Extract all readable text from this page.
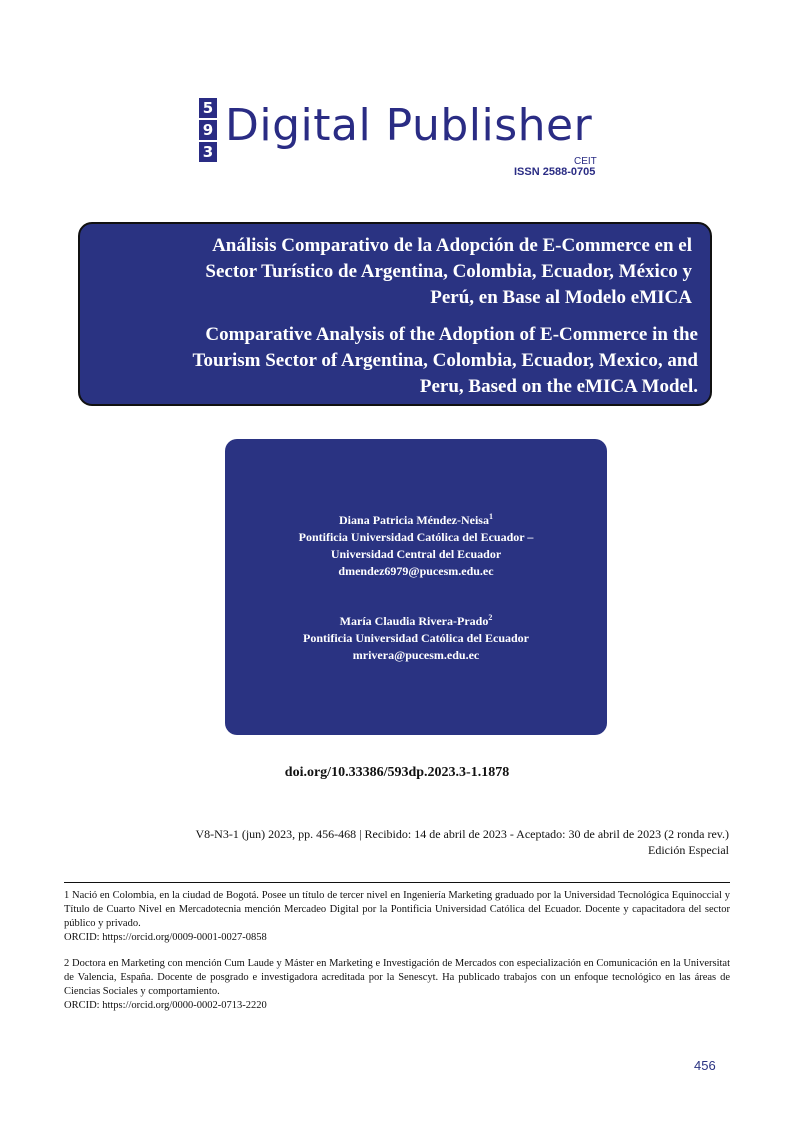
5
9
3
Digital Publisher
CEIT
ISSN 2588-0705
Análisis Comparativo de la Adopción de E-Commerce en el
Sector Turístico de Argentina, Colombia, Ecuador, México y
Perú, en Base al Modelo eMICA
Comparative Analysis of the Adoption of E-Commerce in the
Tourism Sector of Argentina, Colombia, Ecuador, Mexico, and
Peru, Based on the eMICA Model.
Diana Patricia Méndez-Neisa$^1$
Pontificia Universidad Católica del Ecuador –
Universidad Central del Ecuador
dmendez6979@pucesm.edu.ec
María Claudia Rivera-Prado$^2$
Pontificia Universidad Católica del Ecuador
mrivera@pucesm.edu.ec
doi.org/10.33386/593dp.2023.3-1.1878
V8-N3-1 (jun) 2023, pp. 456-468 | Recibido: 14 de abril de 2023 - Aceptado: 30 de abril de 2023 (2 ronda rev.)
Edición Especial

1 Nació en Colombia, en la ciudad de Bogotá. Posee un título de tercer nivel en Ingeniería Marketing graduado por la Universidad Tecnológica Equinoccial y Título de Cuarto Nivel en Mercadotecnia mención Mercadeo Digital por la Pontificia Universidad Católica del Ecuador. Docente y capacitadora del sector público y privado.

ORCID: https://orcid.org/0009-0001-0027-0858

2 Doctora en Marketing con mención Cum Laude y Máster en Marketing e Investigación de Mercados con especialización en Comunicación en la Universitat de Valencia, España. Docente de posgrado e investigadora acreditada por la Senescyt. Ha publicado trabajos con un enfoque tecnológico en las áreas de Ciencias Sociales y comportamiento.

ORCID: https://orcid.org/0000-0002-0713-2220

456
